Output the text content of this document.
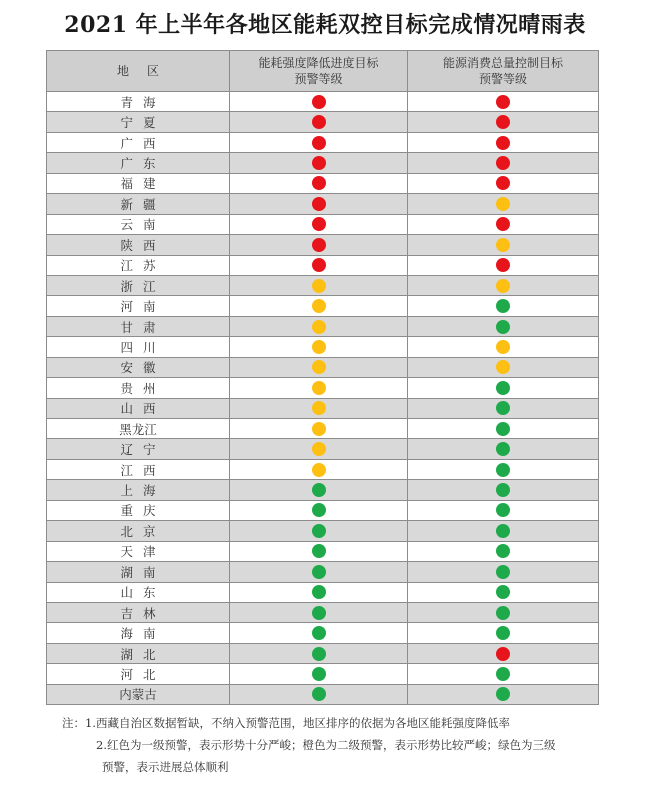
2021 年上半年各地区能耗双控目标完成情况晴雨表
地区
能耗强度降低进度目标
预警等级
能源消费总量控制目标
预警等级
青海
宁夏
广西
广东
福建
新疆
云南
陕西
江苏
浙江
河南
甘肃
四川
安徽
贵州
山西
黑龙江
辽宁
江西
上海
重庆
北京
天津
湖南
山东
吉林
海南
湖北
河北
内蒙古
注：1.西藏自治区数据暂缺，不纳入预警范围，地区排序的依据为各地区能耗强度降低率
2.红色为一级预警，表示形势十分严峻；橙色为二级预警，表示形势比较严峻；绿色为三级
预警，表示进展总体顺利
